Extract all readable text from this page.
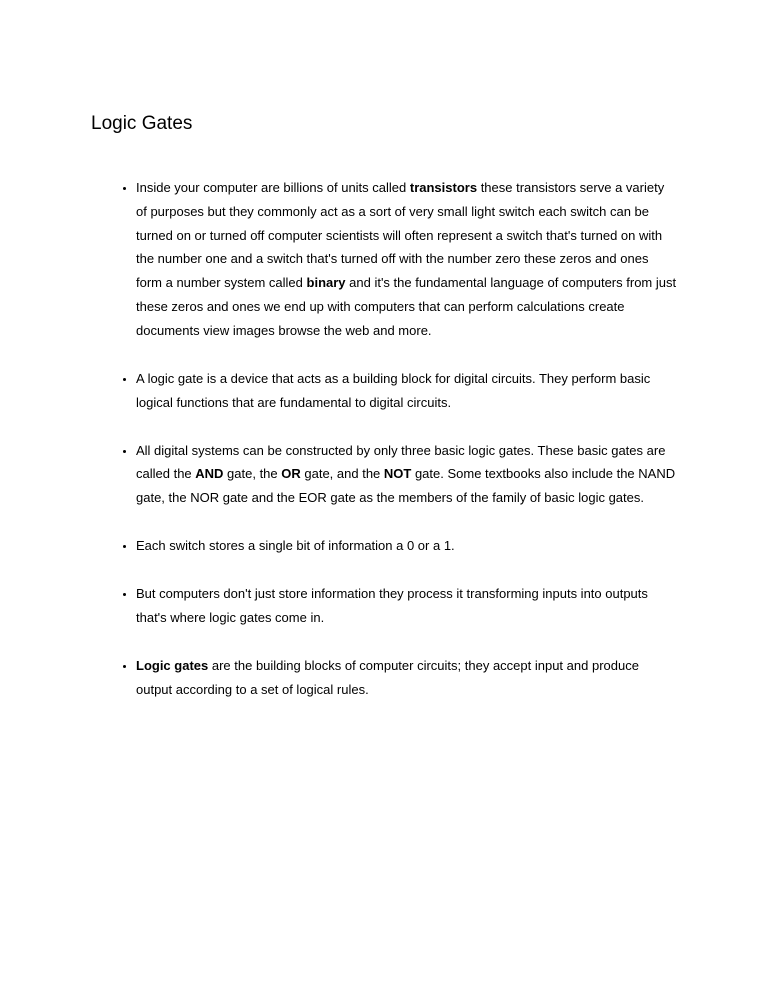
Logic Gates
• Inside your computer are billions of units called transistors these transistors serve a variety of purposes but they commonly act as a sort of very small light switch each switch can be turned on or turned off computer scientists will often represent a switch that's turned on with the number one and a switch that's turned off with the number zero these zeros and ones form a number system called binary and it's the fundamental language of computers from just these zeros and ones we end up with computers that can perform calculations create documents view images browse the web and more.
• A logic gate is a device that acts as a building block for digital circuits. They perform basic logical functions that are fundamental to digital circuits.
• All digital systems can be constructed by only three basic logic gates. These basic gates are called the AND gate, the OR gate, and the NOT gate. Some textbooks also include the NAND gate, the NOR gate and the EOR gate as the members of the family of basic logic gates.
• Each switch stores a single bit of information a 0 or a 1.
• But computers don't just store information they process it transforming inputs into outputs that's where logic gates come in.
• Logic gates are the building blocks of computer circuits; they accept input and produce output according to a set of logical rules.
